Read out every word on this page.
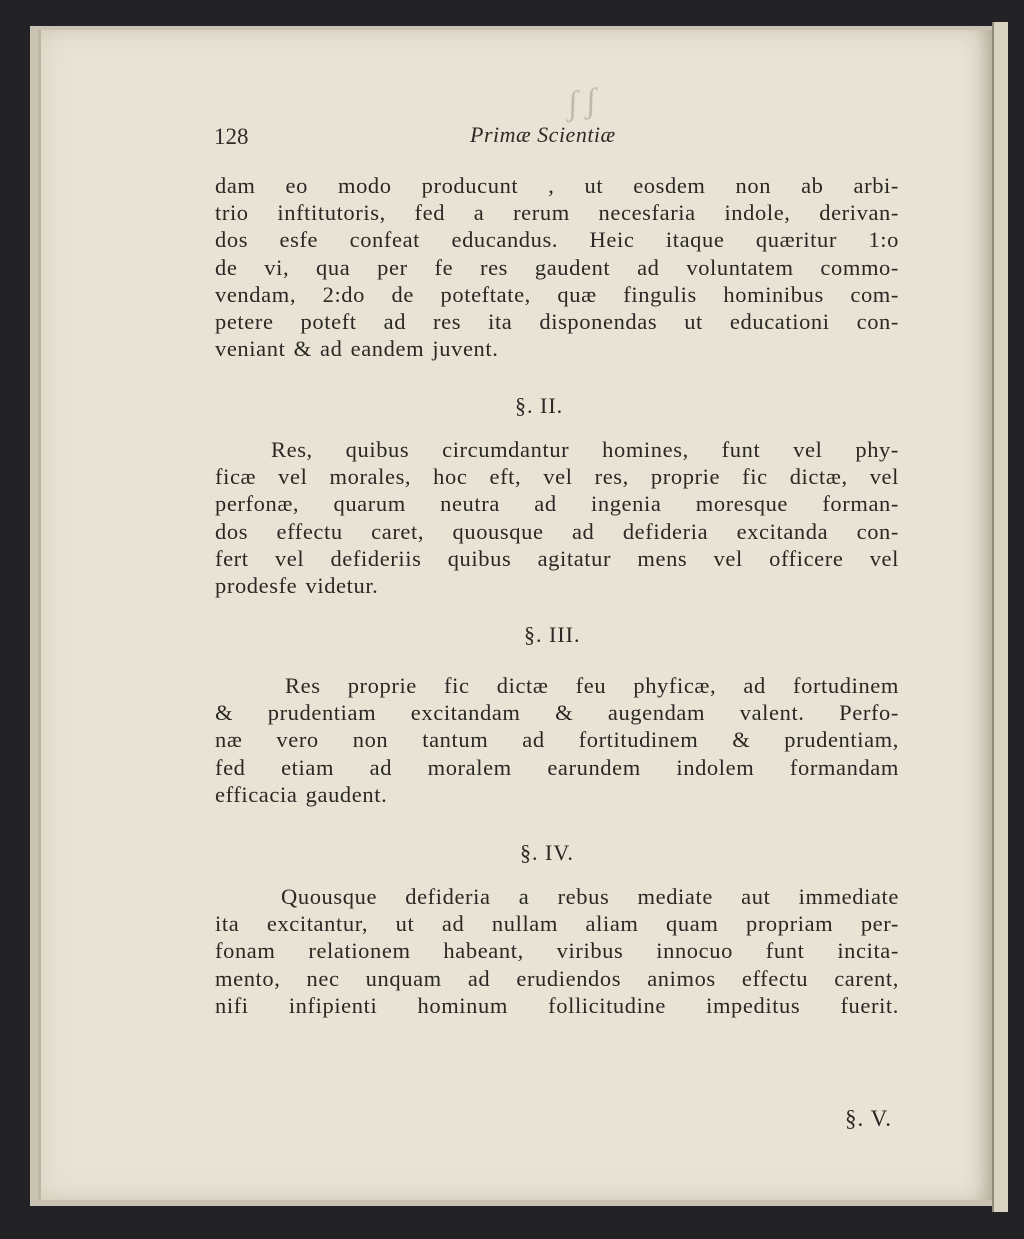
ʃ ʃ
128	Primæ Scientiæ
dam eo modo producunt , ut eosdem non ab arbi-
trio inftitutoris, fed a rerum necesfaria indole, derivan-
dos esfe confeat educandus. Heic itaque quæritur 1:o
de vi, qua per fe res gaudent ad voluntatem commo-
vendam, 2:do de poteftate, quæ fingulis hominibus com-
petere poteft ad res ita disponendas ut educationi con-
veniant & ad eandem juvent.
§. II.
Res, quibus circumdantur homines, funt vel phy-
ficæ vel morales, hoc eft, vel res, proprie fic dictæ, vel
perfonæ, quarum neutra ad ingenia moresque forman-
dos effectu caret, quousque ad defideria excitanda con-
fert vel defideriis quibus agitatur mens vel officere vel
prodesfe videtur.
§. III.
Res proprie fic dictæ feu phyficæ, ad fortudinem
& prudentiam excitandam & augendam valent. Perfo-
næ vero non tantum ad fortitudinem & prudentiam,
fed etiam ad moralem earundem indolem formandam
efficacia gaudent.
§. IV.
Quousque defideria a rebus mediate aut immediate
ita excitantur, ut ad nullam aliam quam propriam per-
fonam relationem habeant, viribus innocuo funt incita-
mento, nec unquam ad erudiendos animos effectu carent,
nifi infipienti hominum follicitudine impeditus fuerit.
§. V.
